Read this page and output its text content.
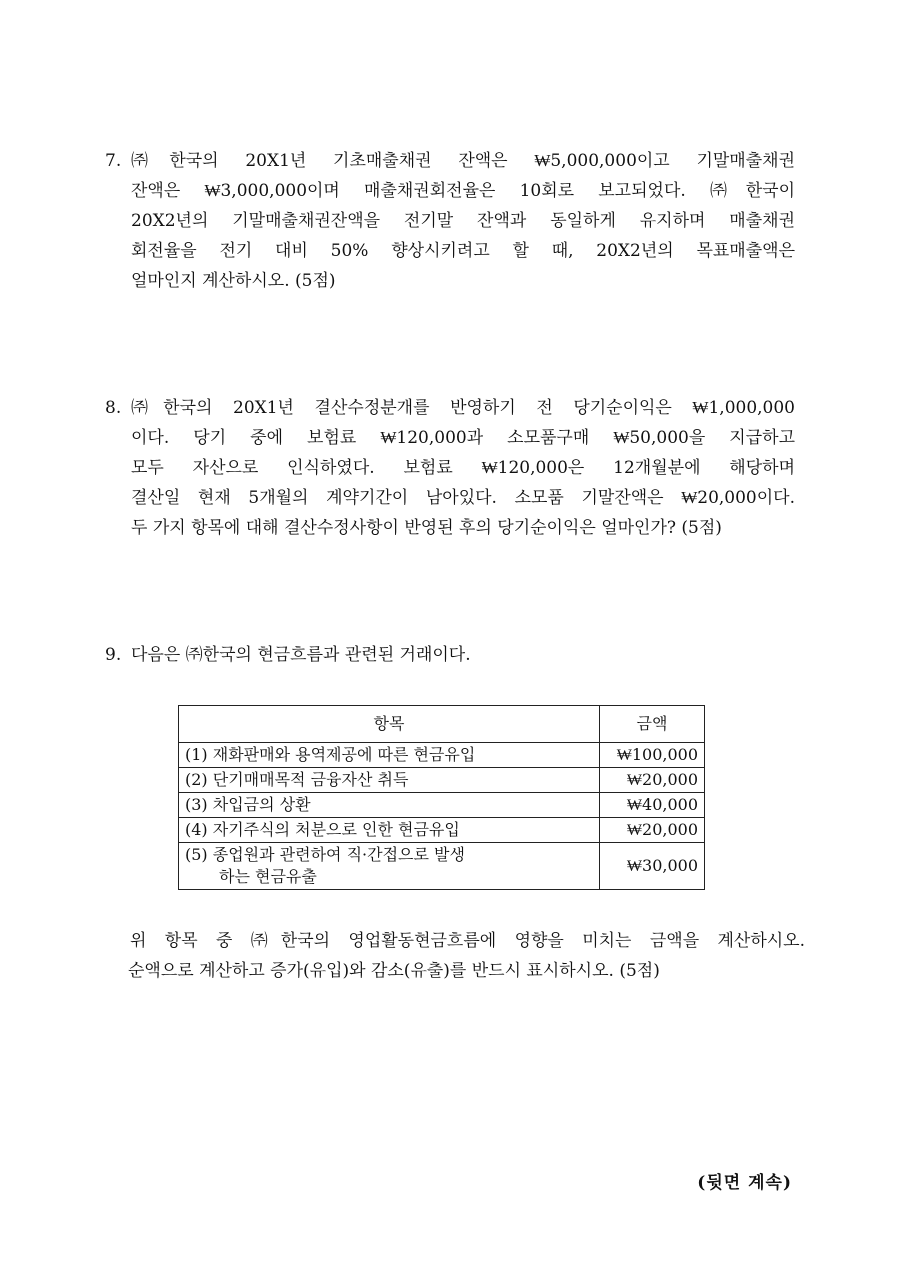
7. ㈜한국의 20X1년 기초매출채권 잔액은 ₩5,000,000이고 기말매출채권
잔액은 ₩3,000,000이며 매출채권회전율은 10회로 보고되었다. ㈜한국이
20X2년의 기말매출채권잔액을 전기말 잔액과 동일하게 유지하며 매출채권
회전율을 전기 대비 50% 향상시키려고 할 때, 20X2년의 목표매출액은
얼마인지 계산하시오. (5점)
8. ㈜한국의 20X1년 결산수정분개를 반영하기 전 당기순이익은 ₩1,000,000
이다. 당기 중에 보험료 ₩120,000과 소모품구매 ₩50,000을 지급하고
모두 자산으로 인식하였다. 보험료 ₩120,000은 12개월분에 해당하며
결산일 현재 5개월의 계약기간이 남아있다. 소모품 기말잔액은 ₩20,000이다.
두 가지 항목에 대해 결산수정사항이 반영된 후의 당기순이익은 얼마인가? (5점)
9. 다음은 ㈜한국의 현금흐름과 관련된 거래이다.
항목	금액
(1) 재화판매와 용역제공에 따른 현금유입	₩100,000
(2) 단기매매목적 금융자산 취득	₩20,000
(3) 차입금의 상환	₩40,000
(4) 자기주식의 처분으로 인한 현금유입	₩20,000
(5) 종업원과 관련하여 직·간접으로 발생
하는 현금유출	₩30,000
위 항목 중 ㈜한국의 영업활동현금흐름에 영향을 미치는 금액을 계산하시오.
순액으로 계산하고 증가(유입)와 감소(유출)를 반드시 표시하시오. (5점)
(뒷면 계속)
